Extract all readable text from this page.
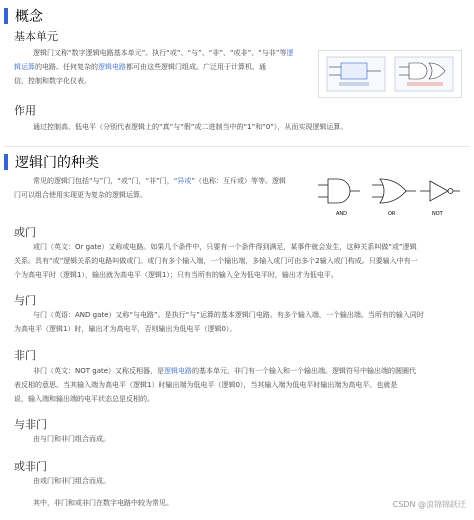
概念
基本单元
逻辑门又称“数字逻辑电路基本单元”。执行“或”、“与”、“非”、“或非”、“与非”等逻
辑运算的电路。任何复杂的逻辑电路都可由这些逻辑门组成。广泛用于计算机、通
信、控制和数字化仪表。
作用
通过控制高、低电平（分别代表逻辑上的“真”与“假”或二进制当中的“1”和“0”），从而实现逻辑运算。
逻辑门的种类
常见的逻辑门包括“与”门，“或”门，“非”门，“异或”（也称：互斥或）等等。逻辑
门可以组合使用实现更为复杂的逻辑运算。
AND	OR	NOT
或门
或门（英文：Or gate）又称或电路。如果几个条件中，只要有一个条件得到满足，某事件就会发生，这种关系叫做“或”逻辑
关系。具有“或”逻辑关系的电路叫做或门。或门有多个输入端，一个输出端，多输入或门可由多个2输入或门构成。只要输入中有一
个为高电平时（逻辑1），输出就为高电平（逻辑1）；只有当所有的输入全为低电平时，输出才为低电平。
与门
与门（英语：AND gate）又称“与电路”。是执行“与”运算的基本逻辑门电路。有多个输入端，一个输出端。当所有的输入同时
为高电平（逻辑1）时，输出才为高电平，否则输出为低电平（逻辑0）。
非门
非门（英文：NOT gate）又称反相器，是逻辑电路的基本单元，非门有一个输入和一个输出端。逻辑符号中输出端的圆圈代
表反相的意思。当其输入端为高电平（逻辑1）时输出端为低电平（逻辑0），当其输入端为低电平时输出端为高电平。也就是
说，输入端和输出端的电平状态总是反相的。
与非门
由与门和非门组合而成。
或非门
由或门和非门组合而成。
其中，非门和或非门在数字电路中较为常见。	CSDN @浪锦锦跃迁
